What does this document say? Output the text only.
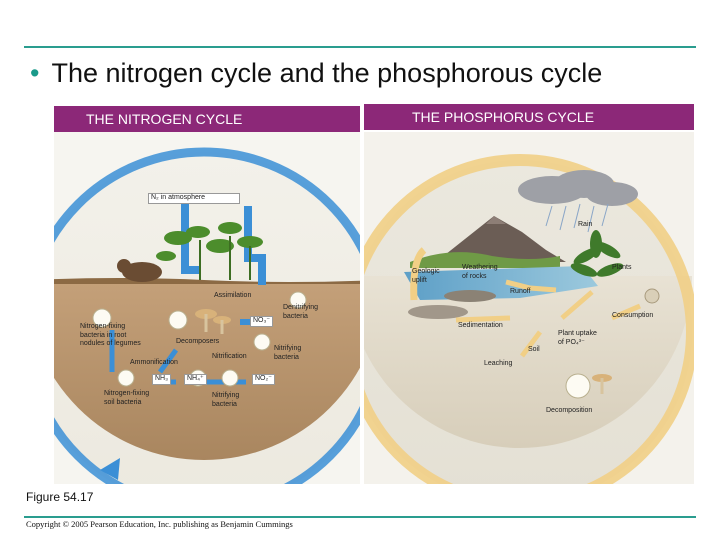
• The nitrogen cycle and the phosphorous cycle
THE NITROGEN CYCLE	THE PHOSPHORUS CYCLE
N₂ in atmosphere
Assimilation
NO₃⁻
Denitrifying
bacteria
Nitrogen-fixing
bacteria in root
nodules of legumes	Decomposers
Nitrifying
bacteria
Nitrification
Ammonification
NH₃	NH₄⁺	NO₂⁻
Nitrogen-fixing
soil bacteria
Nitrifying
bacteria
Rain
Geologic
uplift
Weathering
of rocks
Plants
Runoff
Consumption
Sedimentation
Plant uptake
of PO₄³⁻
Soil
Leaching
Decomposition
Figure 54.17
Copyright © 2005 Pearson Education, Inc. publishing as Benjamin Cummings
